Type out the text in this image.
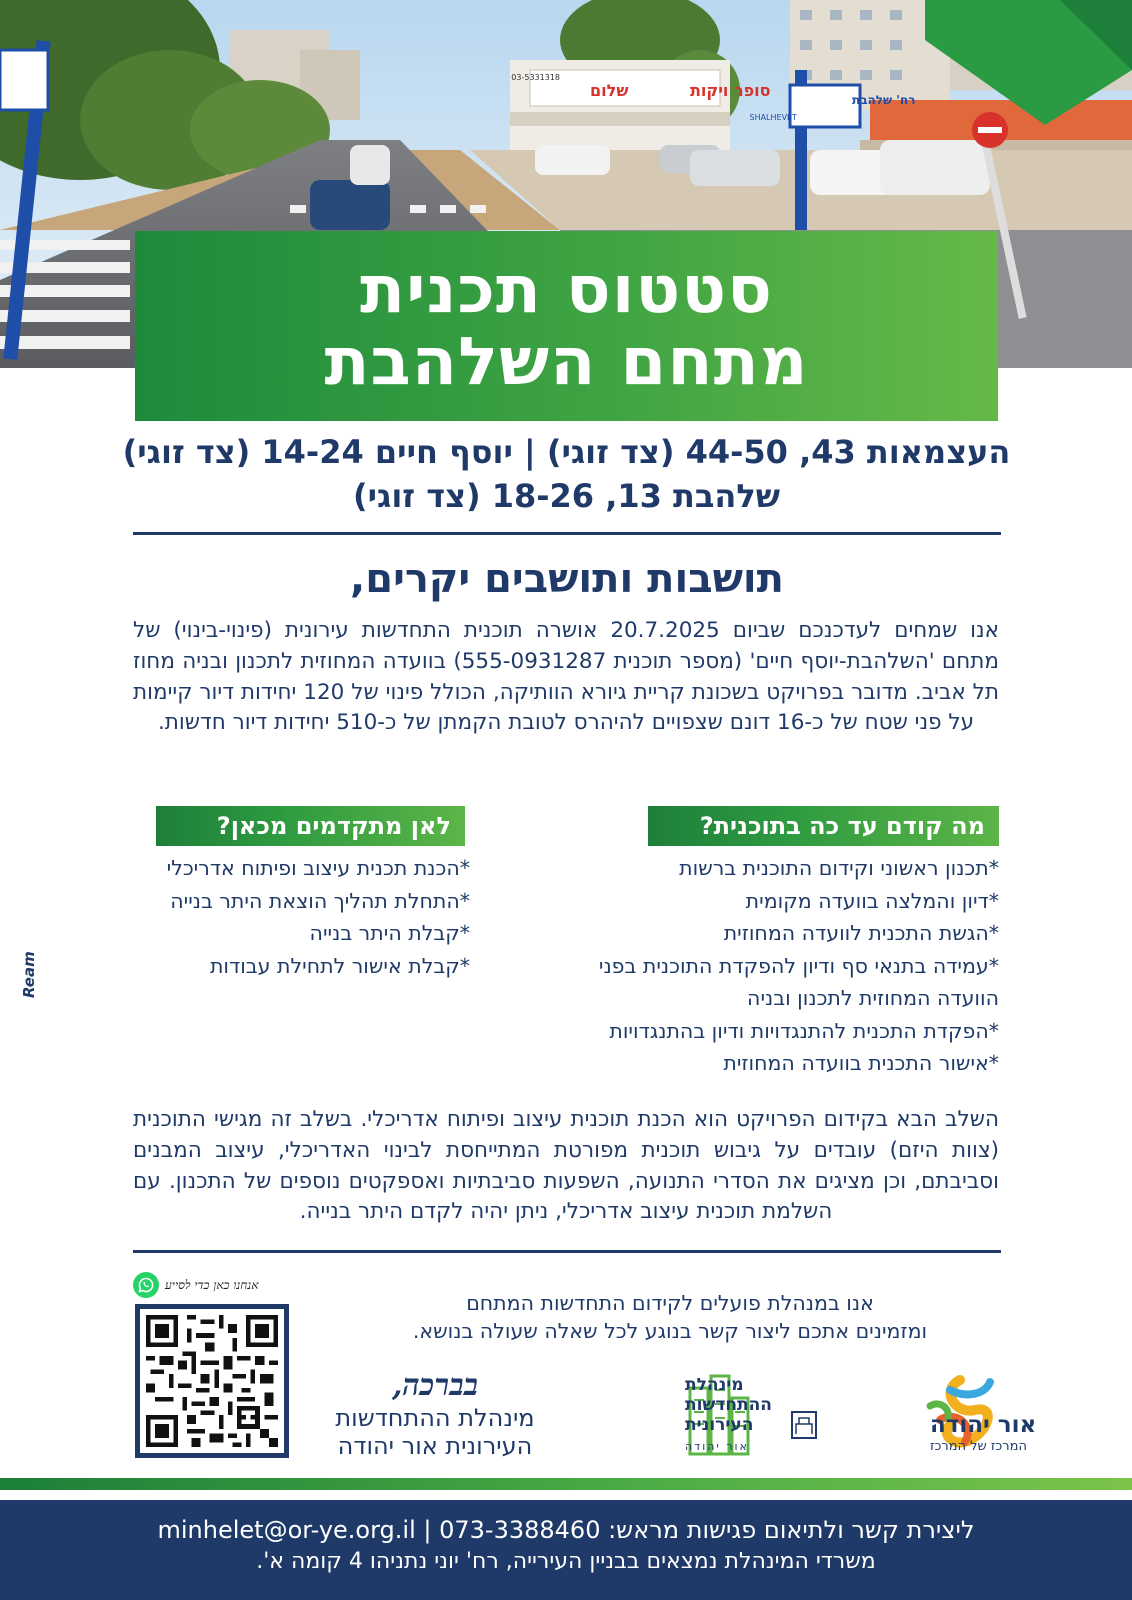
סופר ויקות
שלום
03-5331318
רח' שלהבת
SHALHEVET
סטטוס תכנית
מתחם השלהבת
העצמאות 43, 44-50 (צד זוגי) | יוסף חיים 14-24 (צד זוגי)
שלהבת 13, 18-26 (צד זוגי)
תושבות ותושבים יקרים,

אנו שמחים לעדכנכם שביום 20.7.2025 אושרה תוכנית התחדשות עירונית (פינוי-בינוי) של מתחם 'השלהבת-יוסף חיים' (מספר תוכנית 555-0931287) בוועדה המחוזית לתכנון ובניה מחוז תל אביב. מדובר בפרויקט בשכונת קריית גיורא הוותיקה, הכולל פינוי של 120 יחידות דיור קיימות על פני שטח של כ-16 דונם שצפויים להיהרס לטובת הקמתן של כ-510 יחידות דיור חדשות.

מה קודם עד כה בתוכנית?
*תכנון ראשוני וקידום התוכנית ברשות
*דיון והמלצה בוועדה מקומית
*הגשת התכנית לוועדה המחוזית
*עמידה בתנאי סף ודיון להפקדת התוכנית בפני הוועדה המחוזית לתכנון ובניה
*הפקדת התכנית להתנגדויות ודיון בהתנגדויות
*אישור התכנית בוועדה המחוזית
לאן מתקדמים מכאן?
*הכנת תכנית עיצוב ופיתוח אדריכלי
*התחלת תהליך הוצאת היתר בנייה
*קבלת היתר בנייה
*קבלת אישור לתחילת עבודות

השלב הבא בקידום הפרויקט הוא הכנת תוכנית עיצוב ופיתוח אדריכלי. בשלב זה מגישי התוכנית (צוות היזם) עובדים על גיבוש תוכנית מפורטת המתייחסת לבינוי האדריכלי, עיצוב המבנים וסביבתם, וכן מציגים את הסדרי התנועה, השפעות סביבתיות ואספקטים נוספים של התכנון. עם השלמת תוכנית עיצוב אדריכלי, ניתן יהיה לקדם היתר בנייה.

אנו במנהלת פועלים לקידום התחדשות המתחם
ומזמינים אתכם ליצור קשר בנוגע לכל שאלה שעולה בנושא.
אנחנו כאן כדי לסייע
בברכה,
מינהלת ההתחדשות
העירונית אור יהודה
מינהלת
ההתחדשות
העירונית
אור יהודה
אור יהודה
המרכז של המרכז
Ream
ליצירת קשר ולתיאום פגישות מראש: 073-3388460 | minhelet@or-ye.org.il
משרדי המינהלת נמצאים בבניין העירייה, רח' יוני נתניהו 4 קומה א'.
